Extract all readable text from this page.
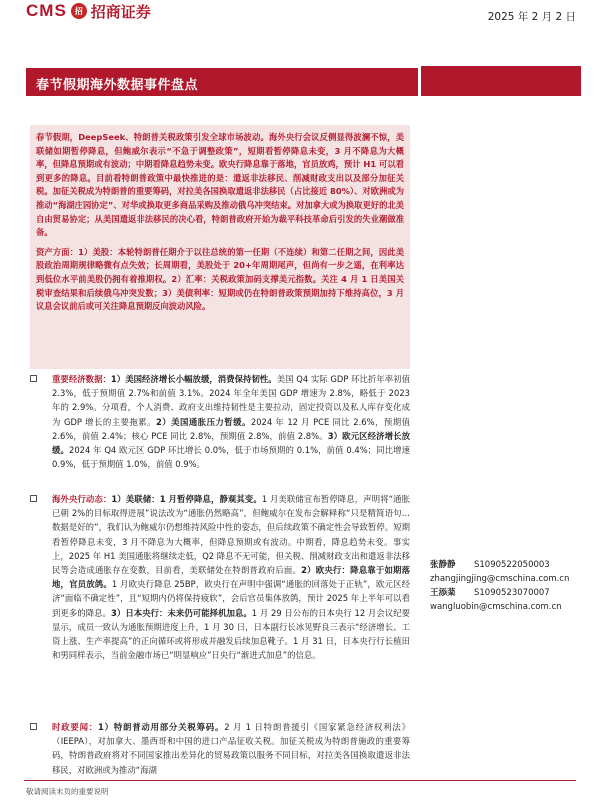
CMS 招 招商证券	2025 年 2 月 2 日
春节假期海外数据事件盘点

春节假期，DeepSeek、特朗普关税政策引发全球市场波动。海外央行会议反侧显得波澜不惊，美联储如期暂停降息，但鲍威尔表示“不急于调整政策”，短期看暂停降息未变，3 月不降息为大概率，但降息预期或有波动；中期看降息趋势未变。欧央行降息靠于落地，官员放鸡，预计 H1 可以看到更多的降息。目前看特朗普政策中最快推进的是：遣返非法移民、削减财政支出以及部分加征关税。加征关税成为特朗普的重要筹码，对拉美各国换取遣返非法移民（占比接近 80%）、对欧洲或为推动“海湖庄园协定”、对华或换取更多商品采购及推动俄乌冲突结束。对加拿大或为换取更好的北美自由贸易协定；从美国遣返非法移民的决心看，特朗普政府开始为裁平科技革命后引发的失业潮做准备。

资产方面：1）美股：本轮特朗普任期介于以往总统的第一任期（不连续）和第二任期之间，因此美股政治周期规律略微有点失效；长周期看，美股处于 20+年周期尾声，但尚有一步之遥，在利率达到低位水平前美股仍拥有着推期权。2）汇率：关税政策加码支撑美元指数。关注 4 月 1 日美国关税审查结果和后续俄乌冲突发数；3）美债利率：短期或仍在特朗普政策预期加持下维持高位，3 月议息会议前后或可关注降息预期反向波动风险。

重要经济数据：1）美国经济增长小幅放缓，消费保持韧性。美国 Q4 实际 GDP 环比折年率初值 2.3%，低于预期值 2.7%和前值 3.1%。2024 年全年美国 GDP 增速为 2.8%，略低于 2023 年的 2.9%。分项看，个人消费、政府支出维持韧性是主要拉动，固定投资以及私人库存变化成为 GDP 增长的主要拖累。2）美国通胀压力暂缓。2024 年 12 月 PCE 同比 2.6%，预期值 2.6%，前值 2.4%；核心 PCE 同比 2.8%，预期值 2.8%，前值 2.8%。3）欧元区经济增长放缓。2024 年 Q4 欧元区 GDP 环比增长 0.0%，低于市场预期的 0.1%，前值 0.4%；同比增速 0.9%，低于预期值 1.0%，前值 0.9%。

海外央行动态：1）美联储：1 月暂停降息，静观其变。1 月美联储宣布暂停降息，声明将“通胀已朝 2%的目标取得进展”说法改为“通胀仍然略高”，但鲍威尔在发布会解释称“只是精简语句…数据是好的”，我们认为鲍威尔仍想维持风险中性的姿态，但后续政策不确定性会导致暂停。短期看暂停降息未变，3 月不降息为大概率，但降息预期或有波动。中期看，降息趋势未变。事实上，2025 年 H1 美国通胀将继续走低，Q2 降息不无可能，但关税、削减财政支出和遣返非法移民等会造成通胀存在变数，目前看，美联储处在特朗普政府后面。2）欧央行：降息靠于如期落地，官员放鸽。1 月欧央行降息 25BP，欧央行在声明中强调“通胀的回落处于正轨”，欧元区经济“面临不确定性”，且“短期内仍将保持疲软”，会后官员集体放鸽，预计 2025 年上半年可以看到更多的降息。3）日本央行：未来仍可能择机加息。1 月 29 日公布的日本央行 12 月会议纪要显示，成员一致认为通胀预期进度上升，1 月 30 日，日本副行长冰见野良三表示“经济增长、工资上涨、生产率提高”的正向循环或将形成并融发后续加息靴子。1 月 31 日，日本央行行长植田和男同样表示，当前金融市场已“明显响应”日央行“渐进式加息”的信息。

时政要闻：1）特朗普动用部分关税筹码。2 月 1 日特朗普援引《国家紧急经济权利法》（IEEPA），对加拿大、墨西哥和中国的进口产品征收关税。加征关税成为特朗普施政的重要筹码，特朗普政府将对不同国家推出差异化的贸易政策以服务不同目标，对拉美各国换取遣返非法移民，对欧洲或为推动“海湖

张静静 S1090522050003
zhangjingjing@cmschina.com.cn
王添棻 S1090523070007
wangluobin@cmschina.com.cn
敬请阅读末页的重要说明
